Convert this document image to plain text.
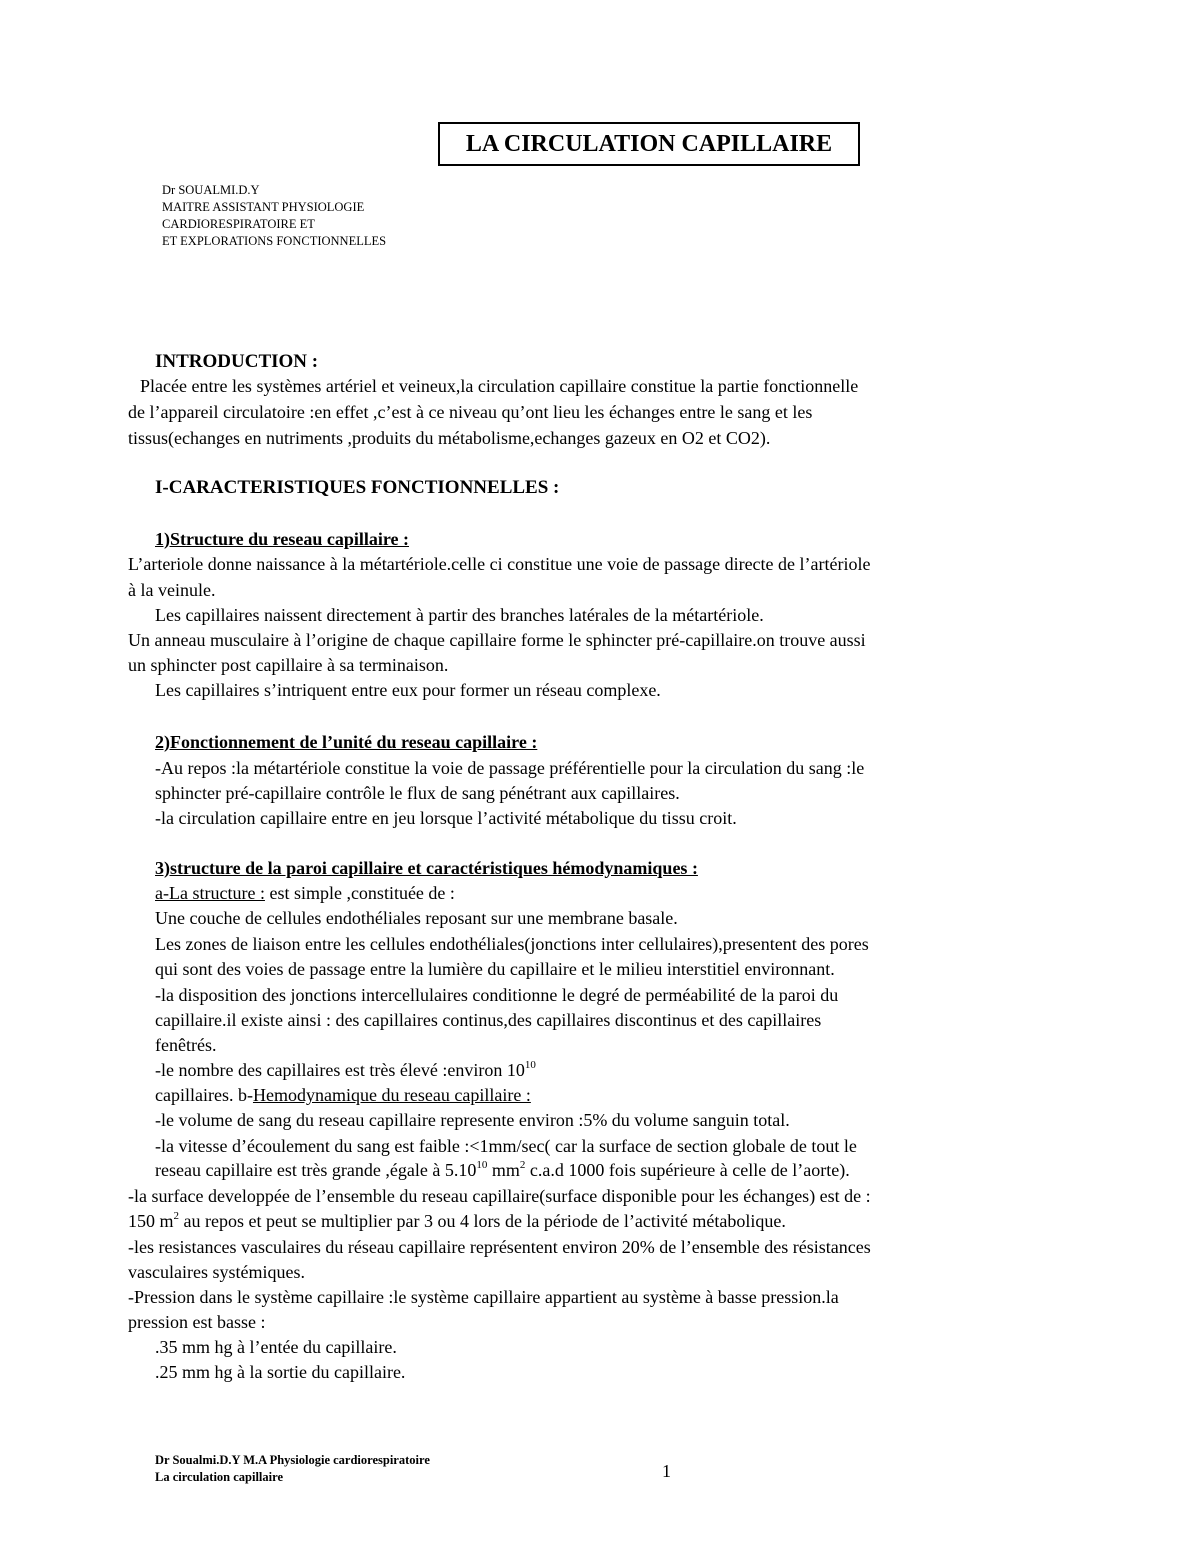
LA CIRCULATION CAPILLAIRE
Dr SOUALMI.D.Y
MAITRE ASSISTANT PHYSIOLOGIE
CARDIORESPIRATOIRE ET
ET EXPLORATIONS FONCTIONNELLES
INTRODUCTION :
Placée entre les systèmes artériel et veineux,la circulation capillaire constitue la partie fonctionnelle
de l’appareil circulatoire :en effet ,c’est à ce niveau qu’ont lieu les échanges entre le sang et les
tissus(echanges en nutriments ,produits du métabolisme,echanges gazeux en O2 et CO2).
I-CARACTERISTIQUES FONCTIONNELLES :
1)Structure du reseau capillaire :
L’arteriole donne naissance à la métartériole.celle ci constitue une voie de passage directe de l’artériole
à la veinule.
Les capillaires naissent directement à partir des branches latérales de la métartériole.
Un anneau musculaire à l’origine de chaque capillaire forme le sphincter pré-capillaire.on trouve aussi
un sphincter post capillaire à sa terminaison.
Les capillaires s’intriquent entre eux pour former un réseau complexe.
2)Fonctionnement de l’unité du reseau capillaire :
-Au repos :la métartériole constitue la voie de passage préférentielle pour la circulation du sang :le
sphincter pré-capillaire contrôle le flux de sang pénétrant aux capillaires.
-la circulation capillaire entre en jeu lorsque l’activité métabolique du tissu croit.
3)structure de la paroi capillaire et caractéristiques hémodynamiques :
a-La structure : est simple ,constituée de :
Une couche de cellules endothéliales reposant sur une membrane basale.
Les zones de liaison entre les cellules endothéliales(jonctions inter cellulaires),presentent des pores
qui sont des voies de passage entre la lumière du capillaire et le milieu interstitiel environnant.
-la disposition des jonctions intercellulaires conditionne le degré de perméabilité de la paroi du
capillaire.il existe ainsi : des capillaires continus,des capillaires discontinus et des capillaires
fenêtrés.
-le nombre des capillaires est très élevé :environ $10^{10}$
capillaires. b-Hemodynamique du reseau capillaire :
-le volume de sang du reseau capillaire represente environ :5% du volume sanguin total.
-la vitesse d’écoulement du sang est faible :<1mm/sec( car la surface de section globale de tout le
reseau capillaire est très grande ,égale à 5.10$^{10}$ $mm^2$ c.a.d 1000 fois supérieure à celle de l’aorte).
-la surface developpée de l’ensemble du reseau capillaire(surface disponible pour les échanges) est de :
150 $m^2$ au repos et peut se multiplier par 3 ou 4 lors de la période de l’activité métabolique.
-les resistances vasculaires du réseau capillaire représentent environ 20% de l’ensemble des résistances
vasculaires systémiques.
-Pression dans le système capillaire :le système capillaire appartient au système à basse pression.la
pression est basse :
.35 mm hg à l’entée du capillaire.
.25 mm hg à la sortie du capillaire.
Dr Soualmi.D.Y M.A Physiologie cardiorespiratoire
La circulation capillaire	1
